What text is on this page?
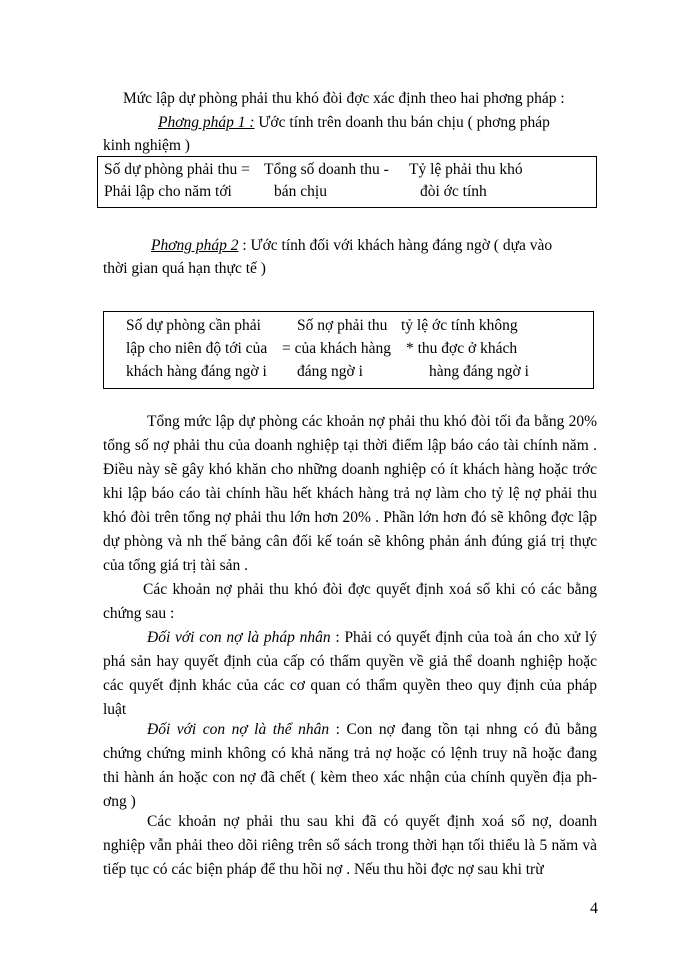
Mức lập dự phòng phải thu khó đòi đợc xác định theo hai phơng pháp :
Phơng pháp 1 : Ước tính trên doanh thu bán chịu ( phơng pháp
kinh nghiệm )
Số dự phòng phải thu =
Phải lập cho năm tới
Tổng số doanh thu -
bán chịu
Tỷ lệ phải thu khó
đòi ớc tính
Phơng pháp 2 : Ước tính đối với khách hàng đáng ngờ ( dựa vào
thời gian quá hạn thực tế )
Số dự phòng cần phải
lập cho niên độ tới của
khách hàng đáng ngờ i
Số nợ phải thu
= của khách hàng
đáng ngờ i
tỷ lệ ớc tính không
* thu đợc ở khách
hàng đáng ngờ i
Tổng mức lập dự phòng các khoản nợ phải thu khó đòi tối đa bằng 20% tổng số nợ phải thu của doanh nghiệp tại thời điểm lập báo cáo tài chính năm . Điều này sẽ gây khó khăn cho những doanh nghiệp có ít khách hàng hoặc trớc khi lập báo cáo tài chính hầu hết khách hàng trả nợ làm cho tỷ lệ nợ phải thu khó đòi trên tổng nợ phải thu lớn hơn 20% . Phần lớn hơn đó sẽ không đợc lập dự phòng và nh thế bảng cân đối kế toán sẽ không phản ánh đúng giá trị thực của tổng giá trị tài sản .
Các khoản nợ phải thu khó đòi đợc quyết định xoá sổ khi có các bằng chứng sau :
Đối với con nợ là pháp nhân : Phải có quyết định của toà án cho xử lý phá sản hay quyết định của cấp có thẩm quyền về giả thể doanh nghiệp hoặc các quyết định khác của các cơ quan có thẩm quyền theo quy định của pháp luật
Đối với con nợ là thể nhân : Con nợ đang tồn tại nhng có đủ bằng chứng chứng minh không có khả năng trả nợ hoặc có lệnh truy nã hoặc đang thi hành án hoặc con nợ đã chết ( kèm theo xác nhận của chính quyền địa phơng )
Các khoản nợ phải thu sau khi đã có quyết định xoá sổ nợ, doanh nghiệp vẫn phải theo dõi riêng trên sổ sách trong thời hạn tối thiểu là 5 năm và tiếp tục có các biện pháp để thu hồi nợ . Nếu thu hồi đợc nợ sau khi trừ
4
